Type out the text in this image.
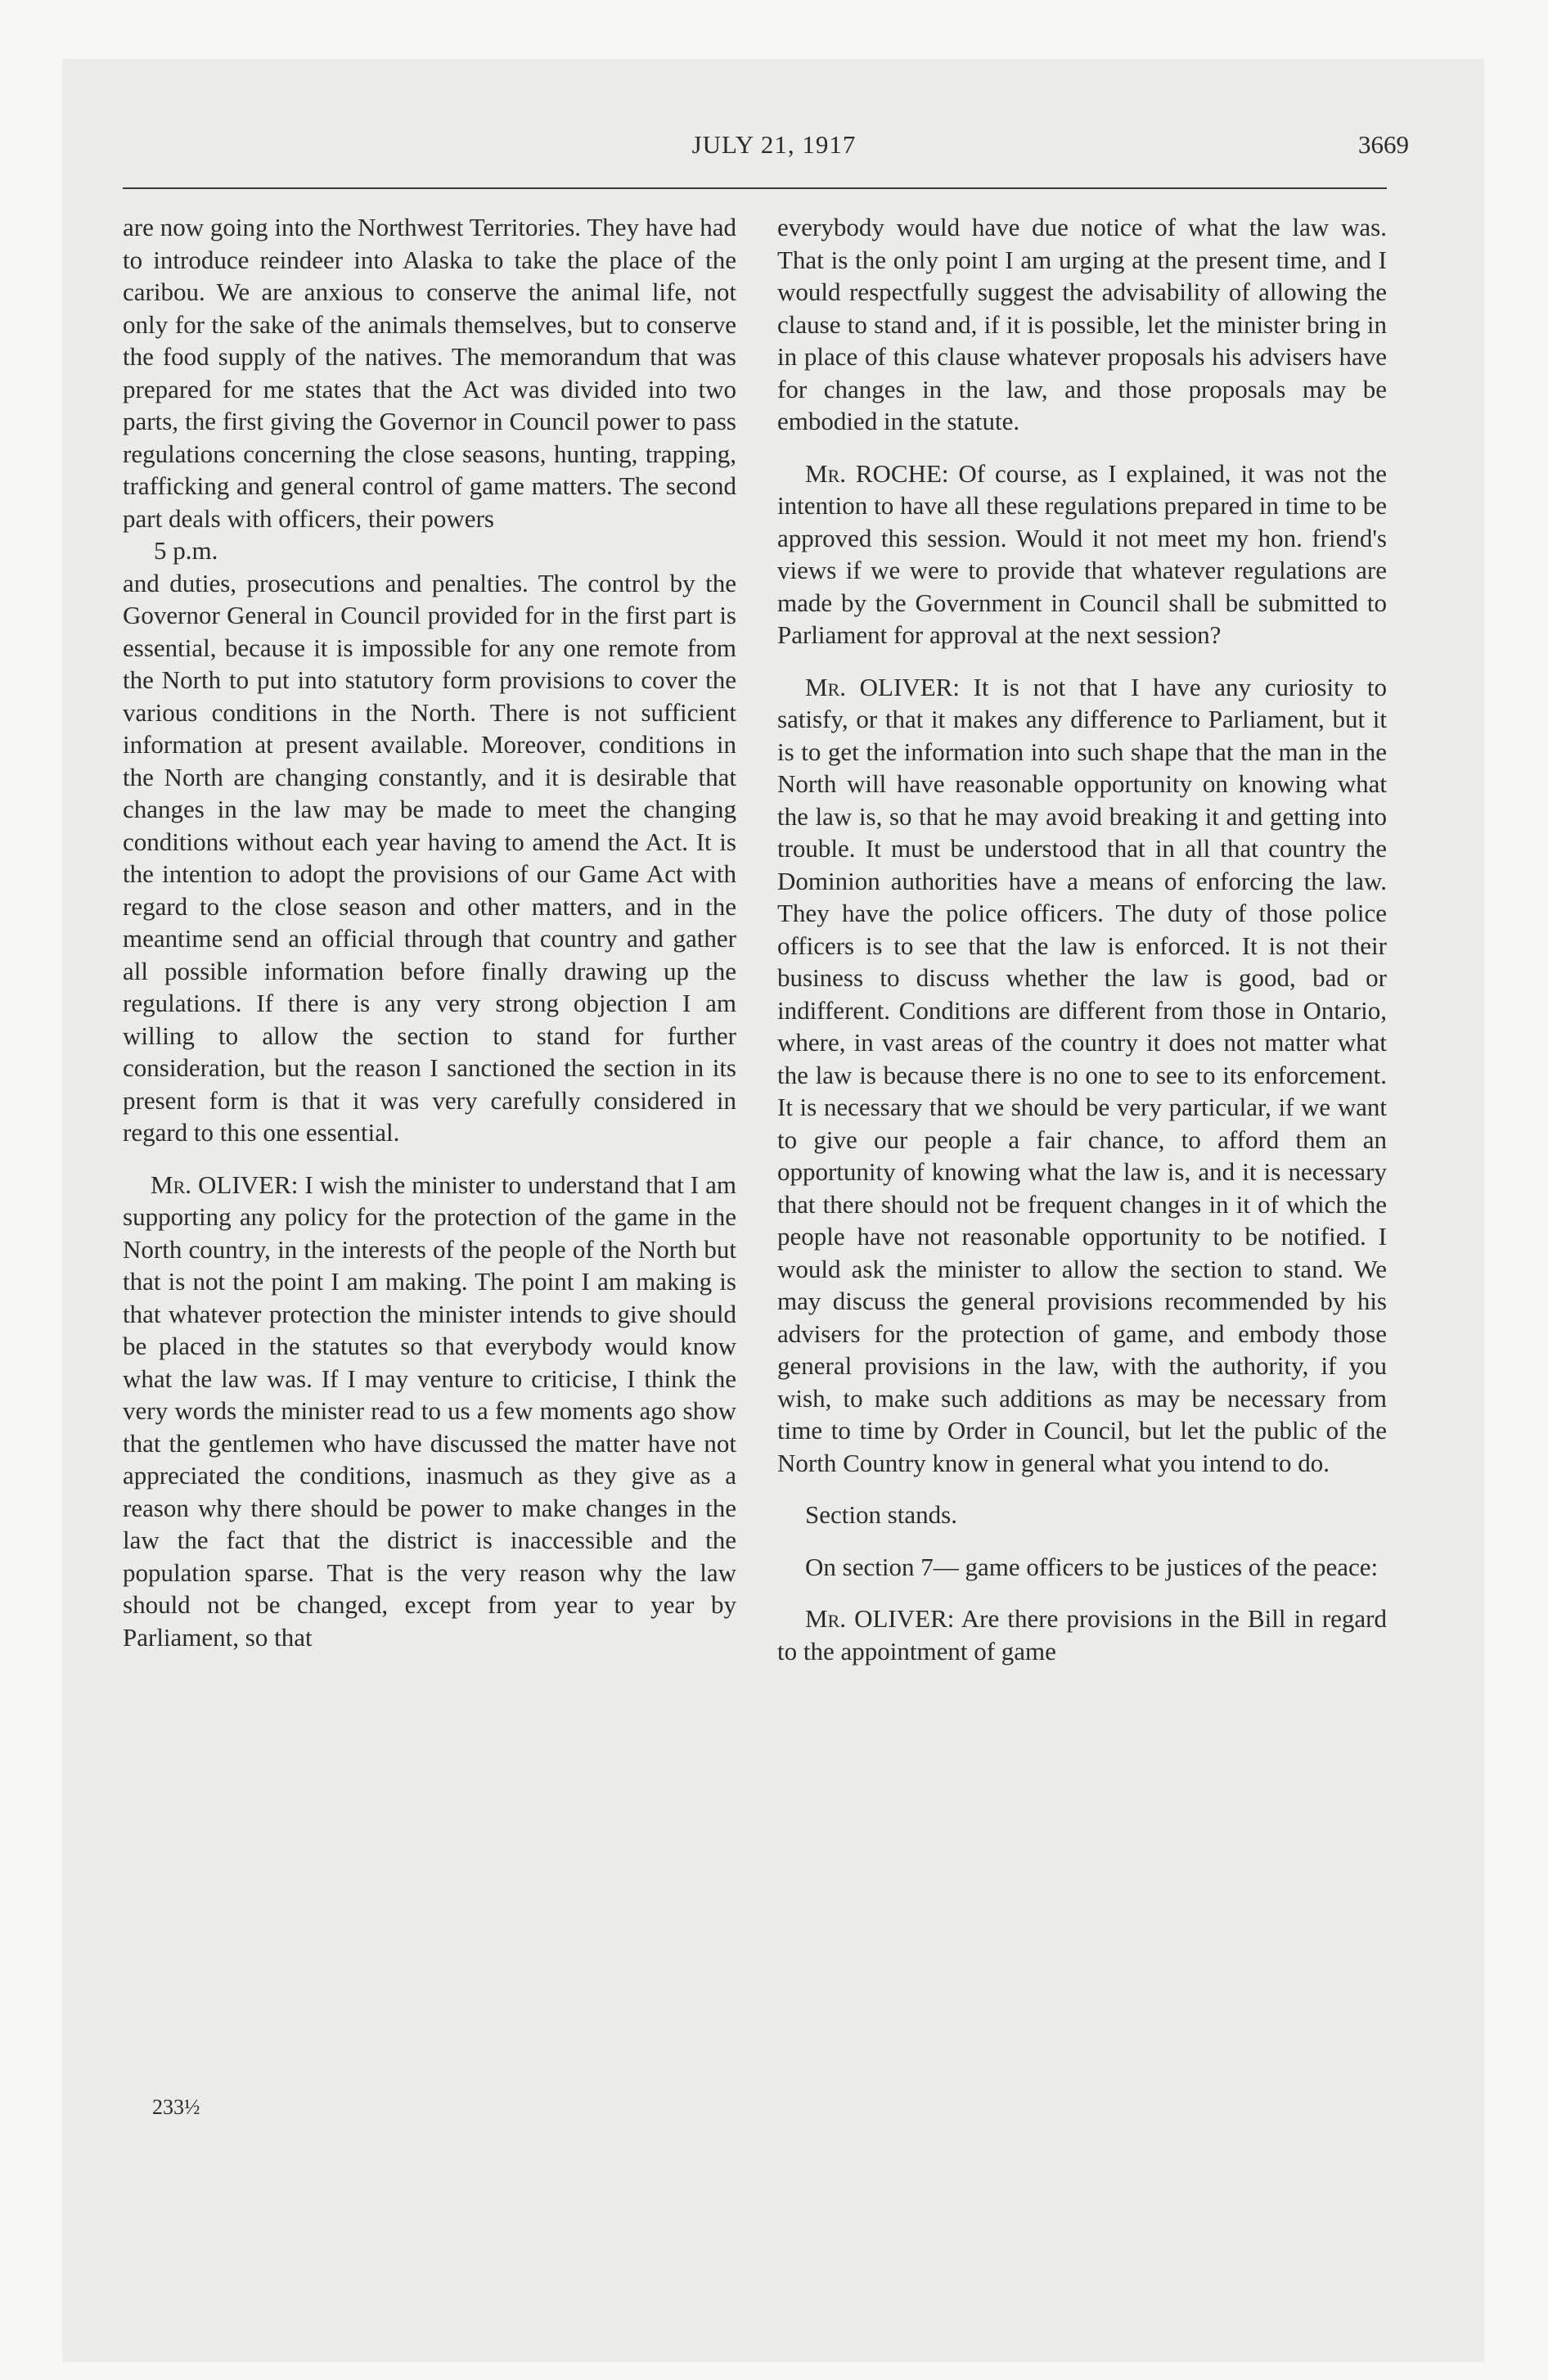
JULY 21, 1917	3669

are now going into the Northwest Territories. They have had to introduce reindeer into Alaska to take the place of the caribou. We are anxious to conserve the animal life, not only for the sake of the animals themselves, but to conserve the food supply of the natives. The memorandum that was prepared for me states that the Act was divided into two parts, the first giving the Governor in Council power to pass regulations concerning the close seasons, hunting, trapping, trafficking and general control of game matters. The second part deals with officers, their powers

5 p.m.

and duties, prosecutions and penalties. The control by the Governor General in Council provided for in the first part is essential, because it is impossible for any one remote from the North to put into statutory form provisions to cover the various conditions in the North. There is not sufficient information at present available. Moreover, conditions in the North are changing constantly, and it is desirable that changes in the law may be made to meet the changing conditions without each year having to amend the Act. It is the intention to adopt the provisions of our Game Act with regard to the close season and other matters, and in the meantime send an official through that country and gather all possible information before finally drawing up the regulations. If there is any very strong objection I am willing to allow the section to stand for further consideration, but the reason I sanctioned the section in its present form is that it was very carefully considered in regard to this one essential.

Mr. OLIVER: I wish the minister to understand that I am supporting any policy for the protection of the game in the North country, in the interests of the people of the North but that is not the point I am making. The point I am making is that whatever protection the minister intends to give should be placed in the statutes so that everybody would know what the law was. If I may venture to criticise, I think the very words the minister read to us a few moments ago show that the gentlemen who have discussed the matter have not appreciated the conditions, inasmuch as they give as a reason why there should be power to make changes in the law the fact that the district is inaccessible and the population sparse. That is the very reason why the law should not be changed, except from year to year by Parliament, so that

everybody would have due notice of what the law was. That is the only point I am urging at the present time, and I would respectfully suggest the advisability of allowing the clause to stand and, if it is possible, let the minister bring in in place of this clause whatever proposals his advisers have for changes in the law, and those proposals may be embodied in the statute.

Mr. ROCHE: Of course, as I explained, it was not the intention to have all these regulations prepared in time to be approved this session. Would it not meet my hon. friend's views if we were to provide that whatever regulations are made by the Government in Council shall be submitted to Parliament for approval at the next session?

Mr. OLIVER: It is not that I have any curiosity to satisfy, or that it makes any difference to Parliament, but it is to get the information into such shape that the man in the North will have reasonable opportunity on knowing what the law is, so that he may avoid breaking it and getting into trouble. It must be understood that in all that country the Dominion authorities have a means of enforcing the law. They have the police officers. The duty of those police officers is to see that the law is enforced. It is not their business to discuss whether the law is good, bad or indifferent. Conditions are different from those in Ontario, where, in vast areas of the country it does not matter what the law is because there is no one to see to its enforcement. It is necessary that we should be very particular, if we want to give our people a fair chance, to afford them an opportunity of knowing what the law is, and it is necessary that there should not be frequent changes in it of which the people have not reasonable opportunity to be notified. I would ask the minister to allow the section to stand. We may discuss the general provisions recommended by his advisers for the protection of game, and embody those general provisions in the law, with the authority, if you wish, to make such additions as may be necessary from time to time by Order in Council, but let the public of the North Country know in general what you intend to do.

Section stands.

On section 7— game officers to be justices of the peace:

Mr. OLIVER: Are there provisions in the Bill in regard to the appointment of game

233½
